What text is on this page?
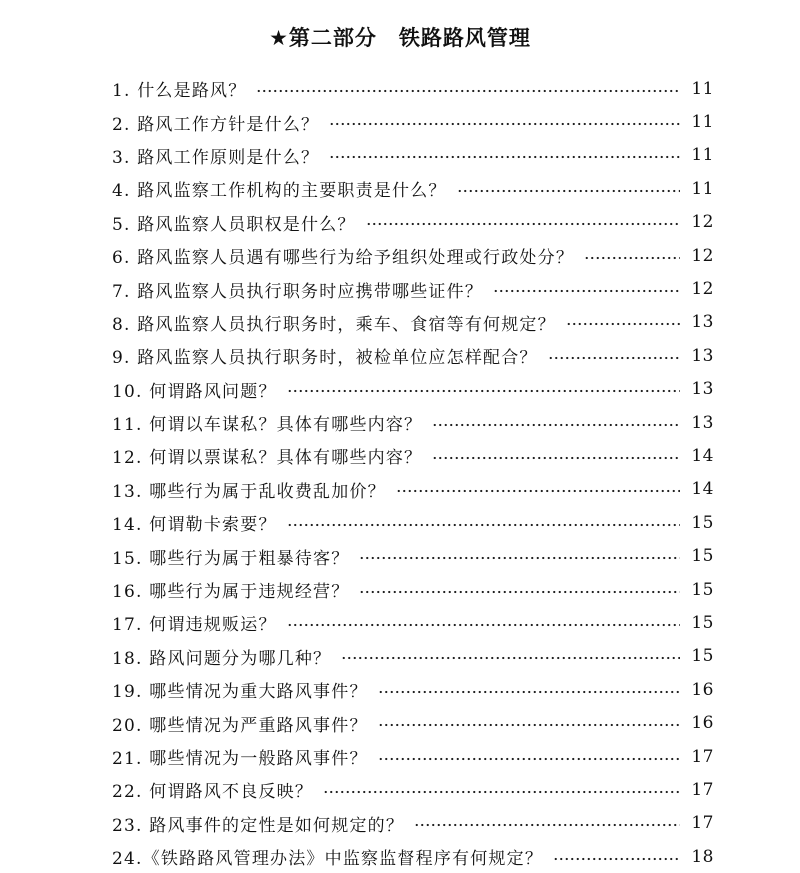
★第二部分　铁路路风管理
1. 什么是路风？	11
2. 路风工作方针是什么？	11
3. 路风工作原则是什么？	11
4. 路风监察工作机构的主要职责是什么？	11
5. 路风监察人员职权是什么？	12
6. 路风监察人员遇有哪些行为给予组织处理或行政处分？	12
7. 路风监察人员执行职务时应携带哪些证件？	12
8. 路风监察人员执行职务时，乘车、食宿等有何规定？	13
9. 路风监察人员执行职务时，被检单位应怎样配合？	13
10. 何谓路风问题？	13
11. 何谓以车谋私？具体有哪些内容？	13
12. 何谓以票谋私？具体有哪些内容？	14
13. 哪些行为属于乱收费乱加价？	14
14. 何谓勒卡索要？	15
15. 哪些行为属于粗暴待客？	15
16. 哪些行为属于违规经营？	15
17. 何谓违规贩运？	15
18. 路风问题分为哪几种？	15
19. 哪些情况为重大路风事件？	16
20. 哪些情况为严重路风事件？	16
21. 哪些情况为一般路风事件？	17
22. 何谓路风不良反映？	17
23. 路风事件的定性是如何规定的？	17
24.《铁路路风管理办法》中监察监督程序有何规定？	18
